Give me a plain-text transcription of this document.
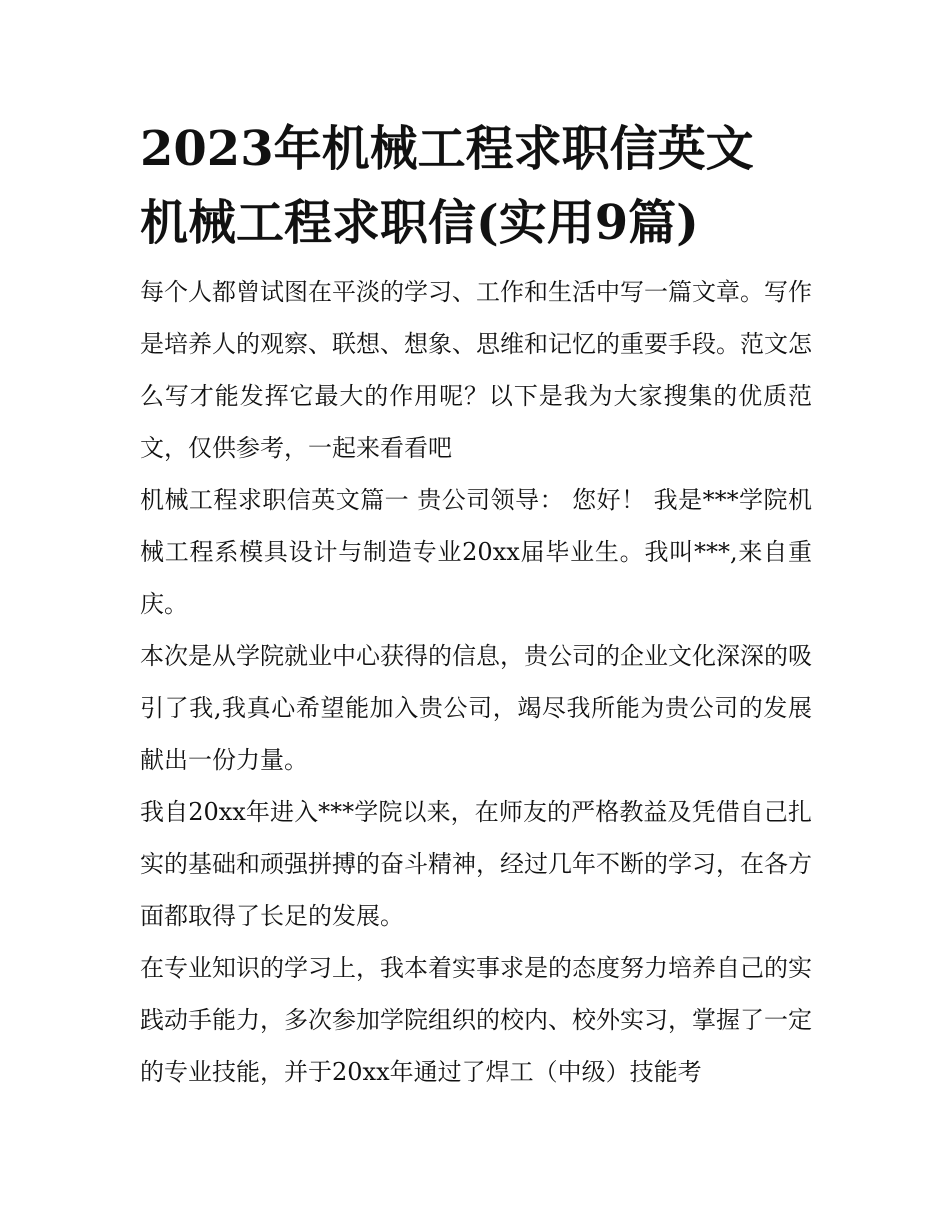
2023年机械工程求职信英文
机械工程求职信(实用9篇)

每个人都曾试图在平淡的学习、工作和生活中写一篇文章。写作是培养人的观察、联想、想象、思维和记忆的重要手段。范文怎么写才能发挥它最大的作用呢？以下是我为大家搜集的优质范文，仅供参考，一起来看看吧

机械工程求职信英文篇一 贵公司领导： 您好！ 我是***学院机械工程系模具设计与制造专业20xx届毕业生。我叫***,来自重庆。

本次是从学院就业中心获得的信息，贵公司的企业文化深深的吸引了我,我真心希望能加入贵公司，竭尽我所能为贵公司的发展献出一份力量。

我自20xx年进入***学院以来，在师友的严格教益及凭借自己扎实的基础和顽强拼搏的奋斗精神，经过几年不断的学习，在各方面都取得了长足的发展。

在专业知识的学习上，我本着实事求是的态度努力培养自己的实践动手能力，多次参加学院组织的校内、校外实习，掌握了一定的专业技能，并于20xx年通过了焊工（中级）技能考
